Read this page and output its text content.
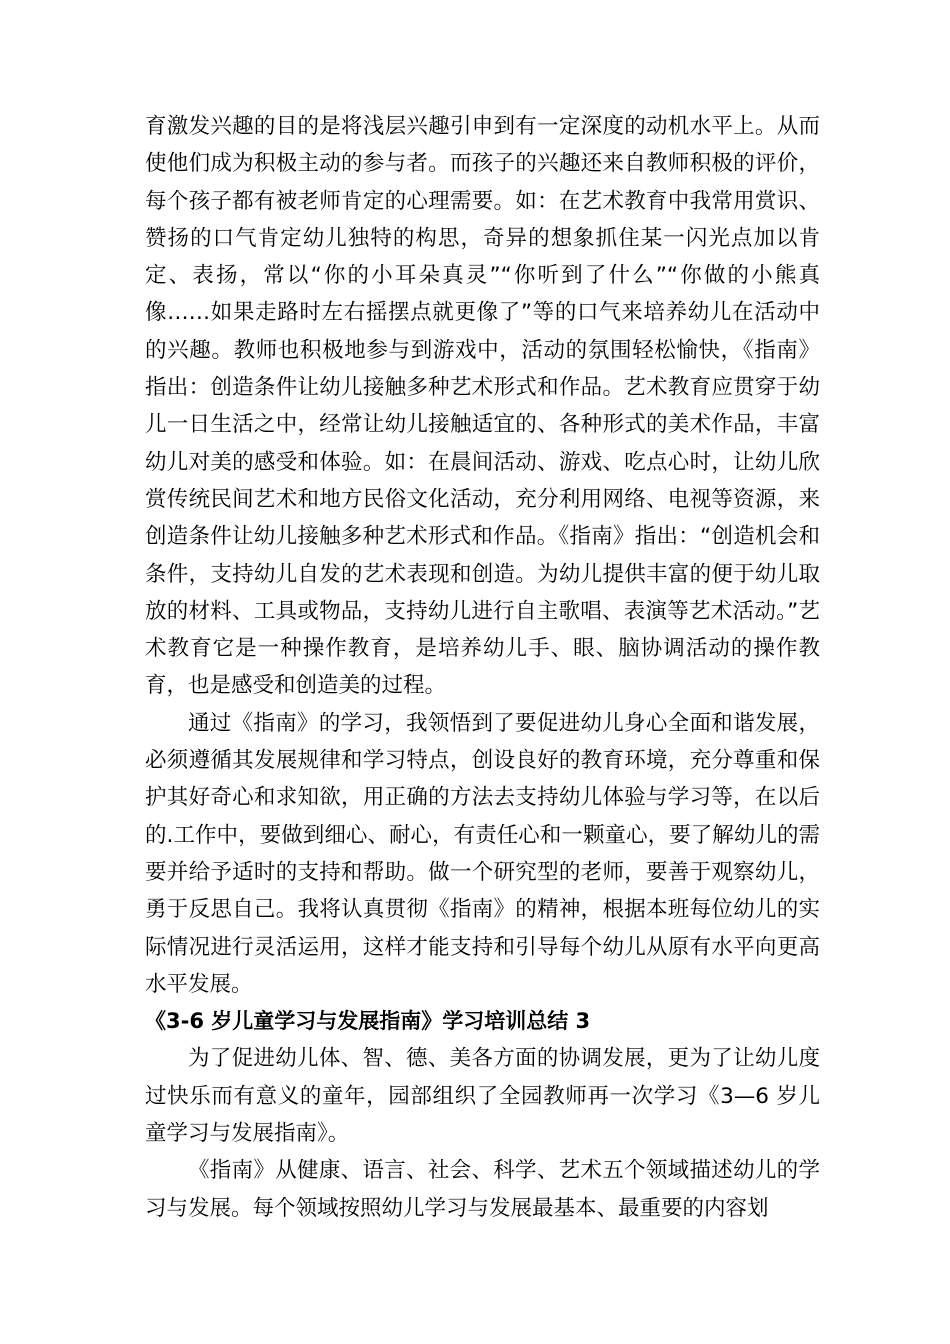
育激发兴趣的目的是将浅层兴趣引申到有一定深度的动机水平上。从而使他们成为积极主动的参与者。而孩子的兴趣还来自教师积极的评价，每个孩子都有被老师肯定的心理需要。如：在艺术教育中我常用赏识、赞扬的口气肯定幼儿独特的构思，奇异的想象抓住某一闪光点加以肯定、表扬，常以“你的小耳朵真灵”“你听到了什么”“你做的小熊真像……如果走路时左右摇摆点就更像了”等的口气来培养幼儿在活动中的兴趣。教师也积极地参与到游戏中，活动的氛围轻松愉快，《指南》指出：创造条件让幼儿接触多种艺术形式和作品。艺术教育应贯穿于幼儿一日生活之中，经常让幼儿接触适宜的、各种形式的美术作品，丰富幼儿对美的感受和体验。如：在晨间活动、游戏、吃点心时，让幼儿欣赏传统民间艺术和地方民俗文化活动，充分利用网络、电视等资源，来创造条件让幼儿接触多种艺术形式和作品。《指南》指出：“创造机会和条件，支持幼儿自发的艺术表现和创造。为幼儿提供丰富的便于幼儿取放的材料、工具或物品，支持幼儿进行自主歌唱、表演等艺术活动。”艺术教育它是一种操作教育，是培养幼儿手、眼、脑协调活动的操作教育，也是感受和创造美的过程。

通过《指南》的学习，我领悟到了要促进幼儿身心全面和谐发展，必须遵循其发展规律和学习特点，创设良好的教育环境，充分尊重和保护其好奇心和求知欲，用正确的方法去支持幼儿体验与学习等，在以后的.工作中，要做到细心、耐心，有责任心和一颗童心，要了解幼儿的需要并给予适时的支持和帮助。做一个研究型的老师，要善于观察幼儿，勇于反思自己。我将认真贯彻《指南》的精神，根据本班每位幼儿的实际情况进行灵活运用，这样才能支持和引导每个幼儿从原有水平向更高水平发展。

《3-6 岁儿童学习与发展指南》学习培训总结 3

为了促进幼儿体、智、德、美各方面的协调发展，更为了让幼儿度过快乐而有意义的童年，园部组织了全园教师再一次学习《3—6 岁儿童学习与发展指南》。

《指南》从健康、语言、社会、科学、艺术五个领域描述幼儿的学习与发展。每个领域按照幼儿学习与发展最基本、最重要的内容划
